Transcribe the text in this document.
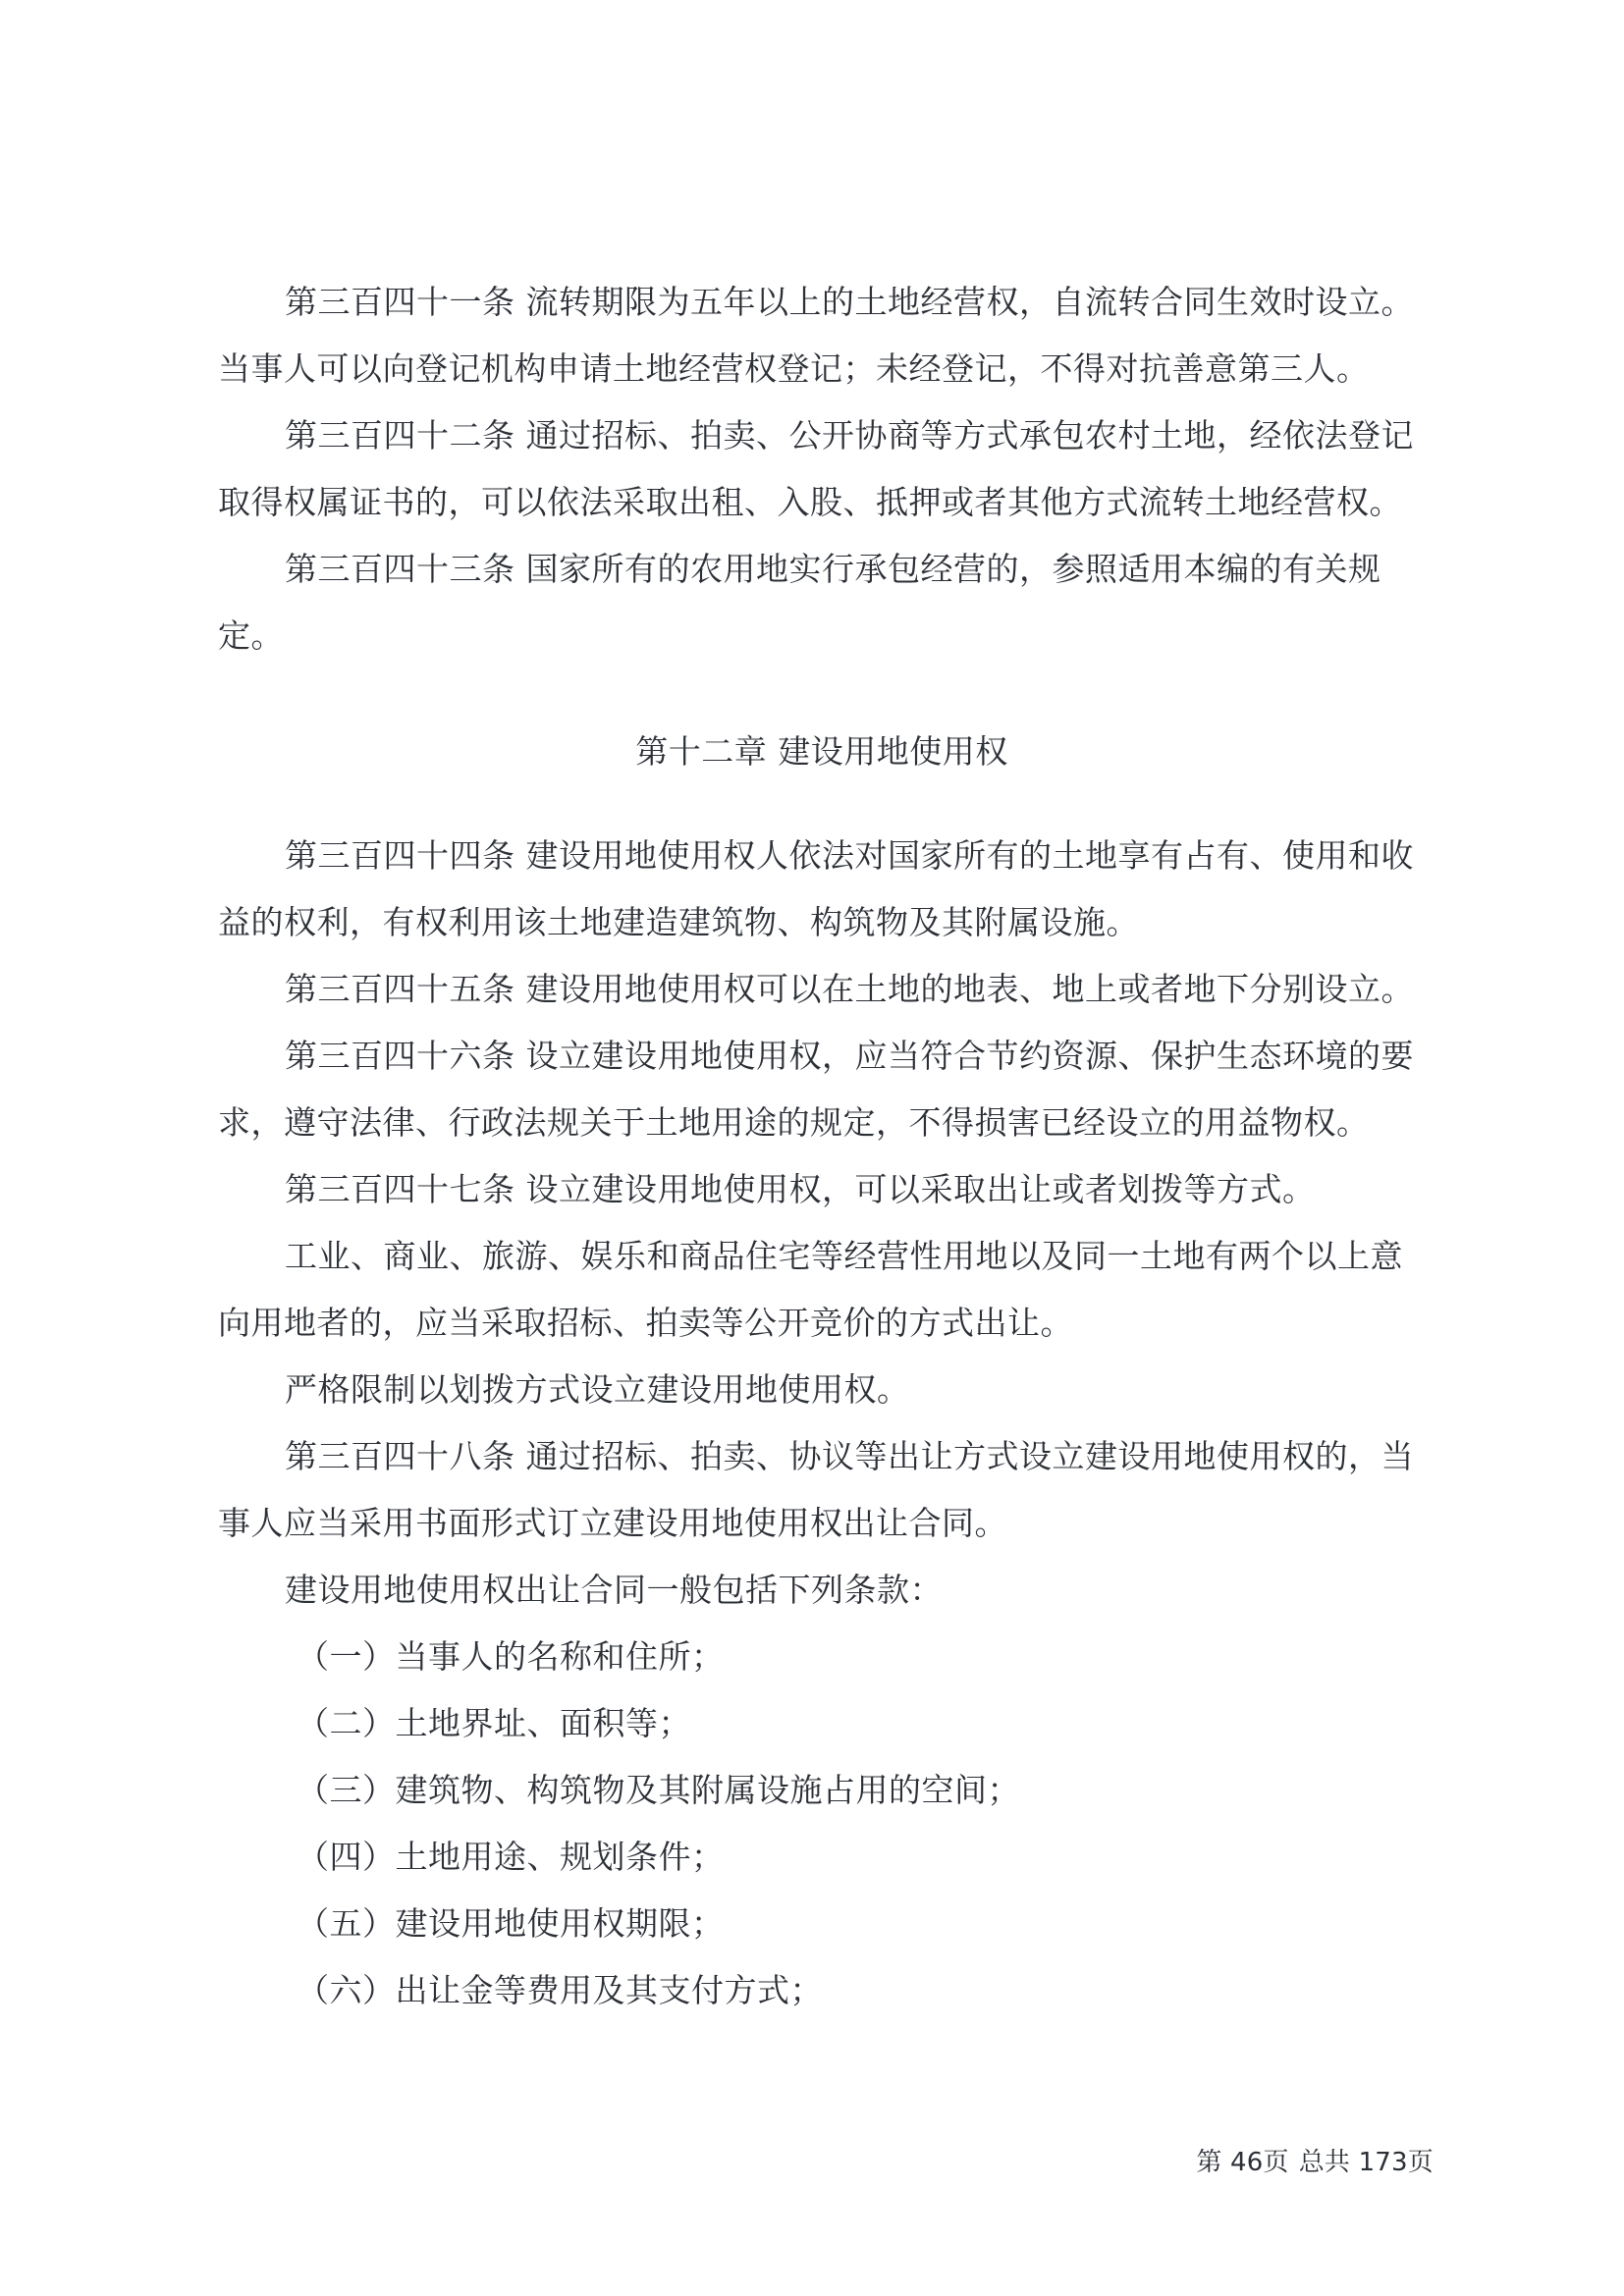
第三百四十一条 流转期限为五年以上的土地经营权，自流转合同生效时设立。
当事人可以向登记机构申请土地经营权登记；未经登记，不得对抗善意第三人。
第三百四十二条 通过招标、拍卖、公开协商等方式承包农村土地，经依法登记
取得权属证书的，可以依法采取出租、入股、抵押或者其他方式流转土地经营权。
第三百四十三条 国家所有的农用地实行承包经营的，参照适用本编的有关规
定。
第十二章 建设用地使用权
第三百四十四条 建设用地使用权人依法对国家所有的土地享有占有、使用和收
益的权利，有权利用该土地建造建筑物、构筑物及其附属设施。
第三百四十五条 建设用地使用权可以在土地的地表、地上或者地下分别设立。
第三百四十六条 设立建设用地使用权，应当符合节约资源、保护生态环境的要
求，遵守法律、行政法规关于土地用途的规定，不得损害已经设立的用益物权。
第三百四十七条 设立建设用地使用权，可以采取出让或者划拨等方式。
工业、商业、旅游、娱乐和商品住宅等经营性用地以及同一土地有两个以上意
向用地者的，应当采取招标、拍卖等公开竞价的方式出让。
严格限制以划拨方式设立建设用地使用权。
第三百四十八条 通过招标、拍卖、协议等出让方式设立建设用地使用权的，当
事人应当采用书面形式订立建设用地使用权出让合同。
建设用地使用权出让合同一般包括下列条款：
（一）当事人的名称和住所；
（二）土地界址、面积等；
（三）建筑物、构筑物及其附属设施占用的空间；
（四）土地用途、规划条件；
（五）建设用地使用权期限；
（六）出让金等费用及其支付方式；
第 46页 总共 173页
